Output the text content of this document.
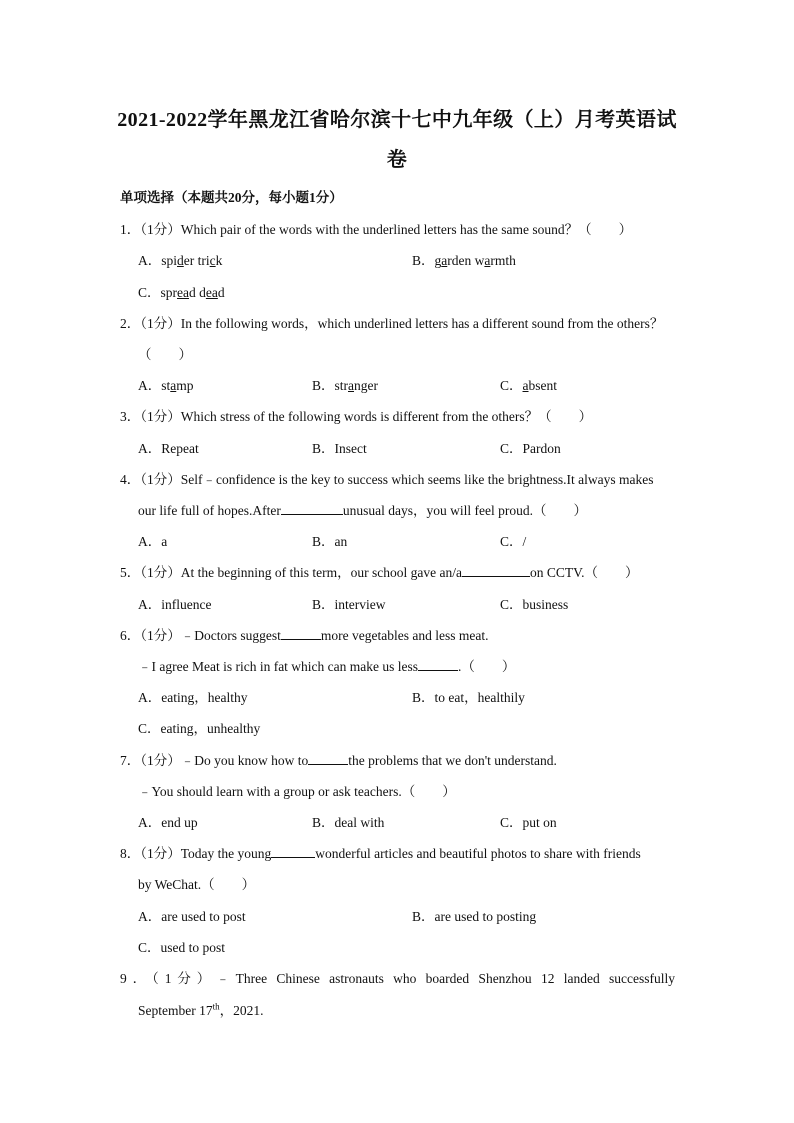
2021-2022学年黑龙江省哈尔滨十七中九年级（上）月考英语试
卷
单项选择（本题共20分，每小题1分）
1．（1分）Which pair of the words with the underlined letters has the same sound？（　　）
A．spider trick	B．garden warmth
C．spread dead
2．（1分）In the following words，which underlined letters has a different sound from the others？
（　　）
A．stamp	B．stranger	C．absent
3．（1分）Which stress of the following words is different from the others？（　　）
A．Repeat	B．Insect	C．Pardon
4．（1分）Self﹣confidence is the key to success which seems like the brightness.It always makes
our life full of hopes.After	unusual days，you will feel proud.（　　）
A．a	B．an	C．/
5．（1分）At the beginning of this term，our school gave an/a	on CCTV.（　　）
A．influence	B．interview	C．business
6．（1分）﹣Doctors suggest	more vegetables and less meat.
﹣I agree Meat is rich in fat which can make us less	.（　　）
A．eating，healthy	B．to eat，healthily
C．eating，unhealthy
7．（1分）﹣Do you know how to	the problems that we don't understand.
﹣You should learn with a group or ask teachers.（　　）
A．end up	B．deal with	C．put on
8．（1分）Today the young	wonderful articles and beautiful photos to share with friends
by WeChat.（　　）
A．are used to post	B．are used to posting
C．used to post
9．（1分）﹣Three Chinese astronauts who boarded Shenzhou 12 landed successfully
September 17th，2021.
